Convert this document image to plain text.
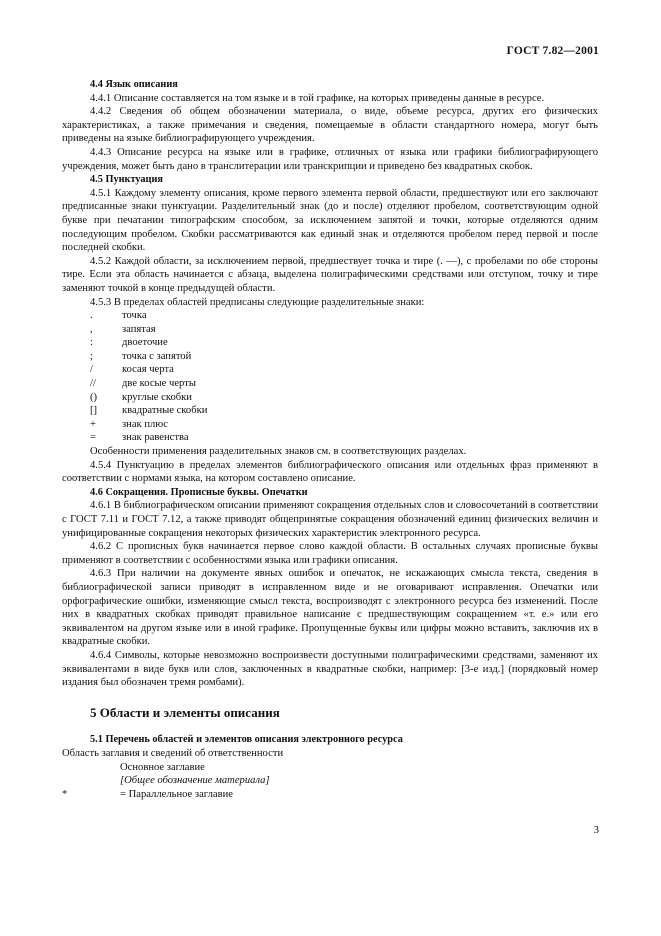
ГОСТ 7.82—2001

4.4 Язык описания

4.4.1 Описание составляется на том языке и в той графике, на которых приведены данные в ресурсе.

4.4.2 Сведения об общем обозначении материала, о виде, объеме ресурса, других его физических характеристиках, а также примечания и сведения, помещаемые в области стандартного номера, могут быть приведены на языке библиографирующего учреждения.

4.4.3 Описание ресурса на языке или в графике, отличных от языка или графики библиографирующего учреждения, может быть дано в транслитерации или транскрипции и приведено без квадратных скобок.

4.5 Пунктуация

4.5.1 Каждому элементу описания, кроме первого элемента первой области, предшествуют или его заключают предписанные знаки пунктуации. Разделительный знак (до и после) отделяют пробелом, соответствующим одной букве при печатании типографским способом, за исключением запятой и точки, которые отделяются одним последующим пробелом. Скобки рассматриваются как единый знак и отделяются пробелом перед первой и после последней скобки.

4.5.2 Каждой области, за исключением первой, предшествует точка и тире (. —), с пробелами по обе стороны тире. Если эта область начинается с абзаца, выделена полиграфическими средствами или отступом, точку и тире заменяют точкой в конце предыдущей области.

4.5.3 В пределах областей предписаны следующие разделительные знаки:

.	точка
,	запятая
:	двоеточие
;	точка с запятой
/	косая черта
//	две косые черты
()	круглые скобки
[]	квадратные скобки
+	знак плюс
=	знак равенства

Особенности применения разделительных знаков см. в соответствующих разделах.

4.5.4 Пунктуацию в пределах элементов библиографического описания или отдельных фраз применяют в соответствии с нормами языка, на котором составлено описание.

4.6 Сокращения. Прописные буквы. Опечатки

4.6.1 В библиографическом описании применяют сокращения отдельных слов и словосочетаний в соответствии с ГОСТ 7.11 и ГОСТ 7.12, а также приводят общепринятые сокращения обозначений единиц физических величин и унифицированные сокращения некоторых физических характеристик электронного ресурса.

4.6.2 С прописных букв начинается первое слово каждой области. В остальных случаях прописные буквы применяют в соответствии с особенностями языка или графики описания.

4.6.3 При наличии на документе явных ошибок и опечаток, не искажающих смысла текста, сведения в библиографической записи приводят в исправленном виде и не оговаривают исправления. Опечатки или орфографические ошибки, изменяющие смысл текста, воспроизводят с электронного ресурса без изменений. После них в квадратных скобках приводят правильное написание с предшествующим сокращением «т. е.» или его эквивалентом на другом языке или в иной графике. Пропущенные буквы или цифры можно вставить, заключив их в квадратные скобки.

4.6.4 Символы, которые невозможно воспроизвести доступными полиграфическими средствами, заменяют их эквивалентами в виде букв или слов, заключенных в квадратные скобки, например: [3-е изд.] (порядковый номер издания был обозначен тремя ромбами).

5 Области и элементы описания
5.1 Перечень областей и элементов описания электронного ресурса
Область заглавия и сведений об ответственности
Основное заглавие
[Общее обозначение материала]
*	= Параллельное заглавие
3
